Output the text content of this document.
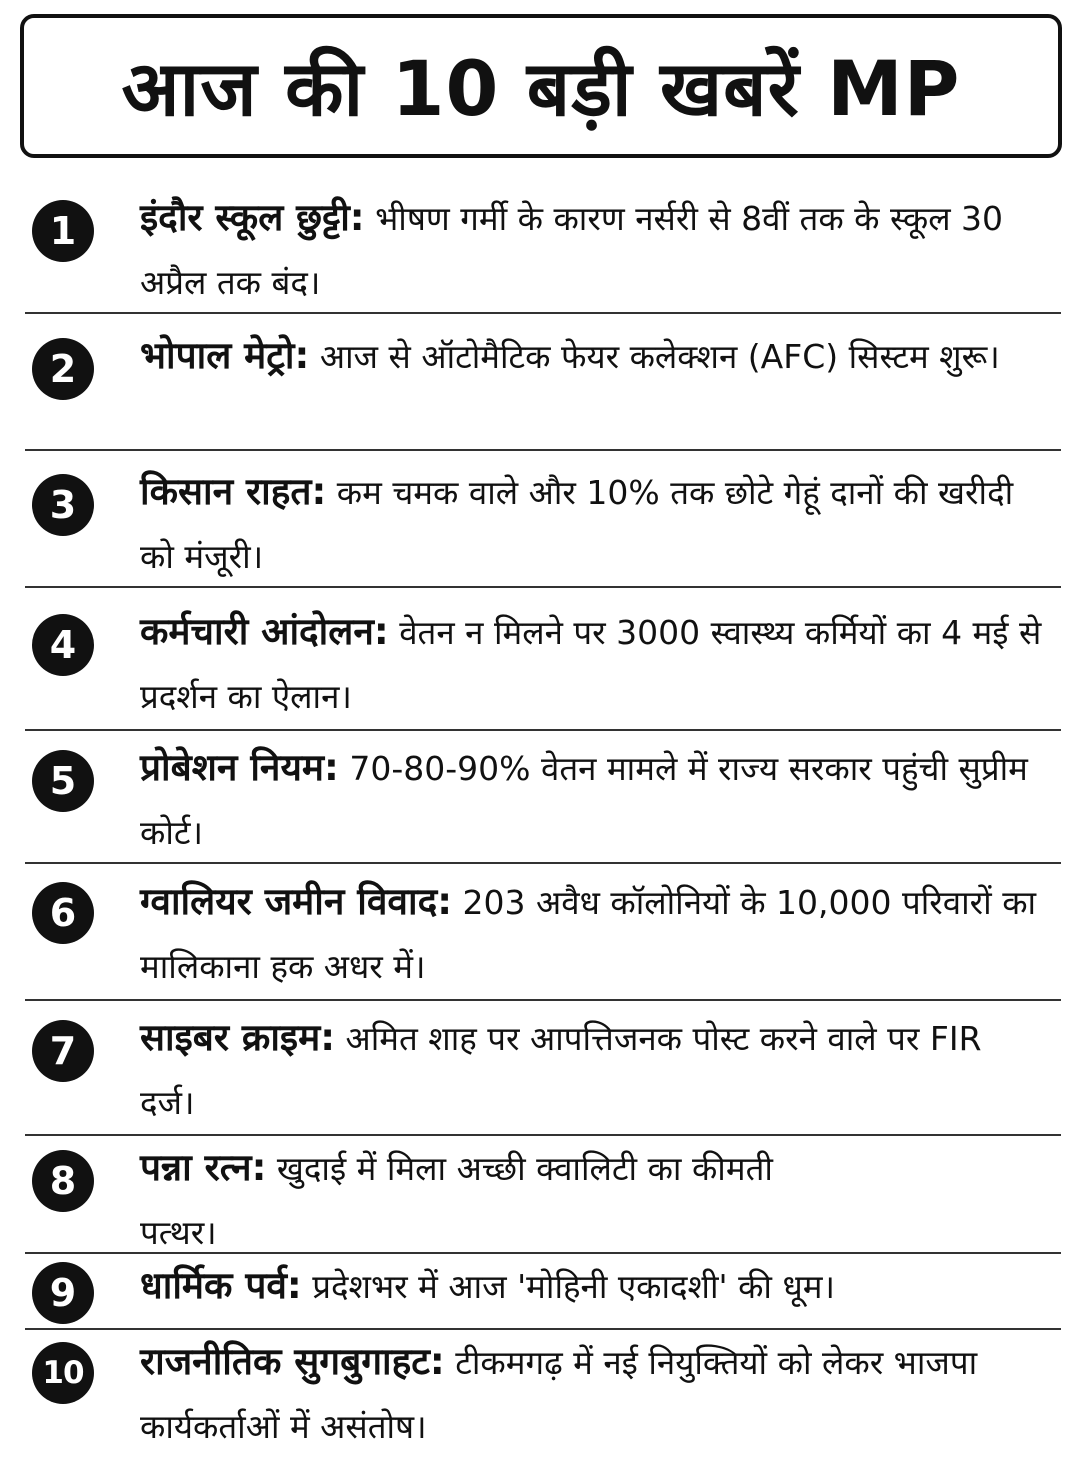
आज की 10 बड़ी खबरें MP
1	इंदौर स्कूल छुट्टी: भीषण गर्मी के कारण नर्सरी से 8वीं तक के स्कूल 30 अप्रैल तक बंद।
2	भोपाल मेट्रो: आज से ऑटोमैटिक फेयर कलेक्शन (AFC) सिस्टम शुरू।
3	किसान राहत: कम चमक वाले और 10% तक छोटे गेहूं दानों की खरीदी को मंजूरी।
4	कर्मचारी आंदोलन: वेतन न मिलने पर 3000 स्वास्थ्य कर्मियों का 4 मई से प्रदर्शन का ऐलान।
5	प्रोबेशन नियम: 70-80-90% वेतन मामले में राज्य सरकार पहुंची सुप्रीम कोर्ट।
6	ग्वालियर जमीन विवाद: 203 अवैध कॉलोनियों के 10,000 परिवारों का मालिकाना हक अधर में।
7	साइबर क्राइम: अमित शाह पर आपत्तिजनक पोस्ट करने वाले पर FIR दर्ज।
8	पन्ना रत्न: खुदाई में मिला अच्छी क्वालिटी का कीमती पत्थर।
9	धार्मिक पर्व: प्रदेशभर में आज 'मोहिनी एकादशी' की धूम।
10 राजनीतिक सुगबुगाहट: टीकमगढ़ में नई नियुक्तियों को लेकर भाजपा कार्यकर्ताओं में असंतोष।
